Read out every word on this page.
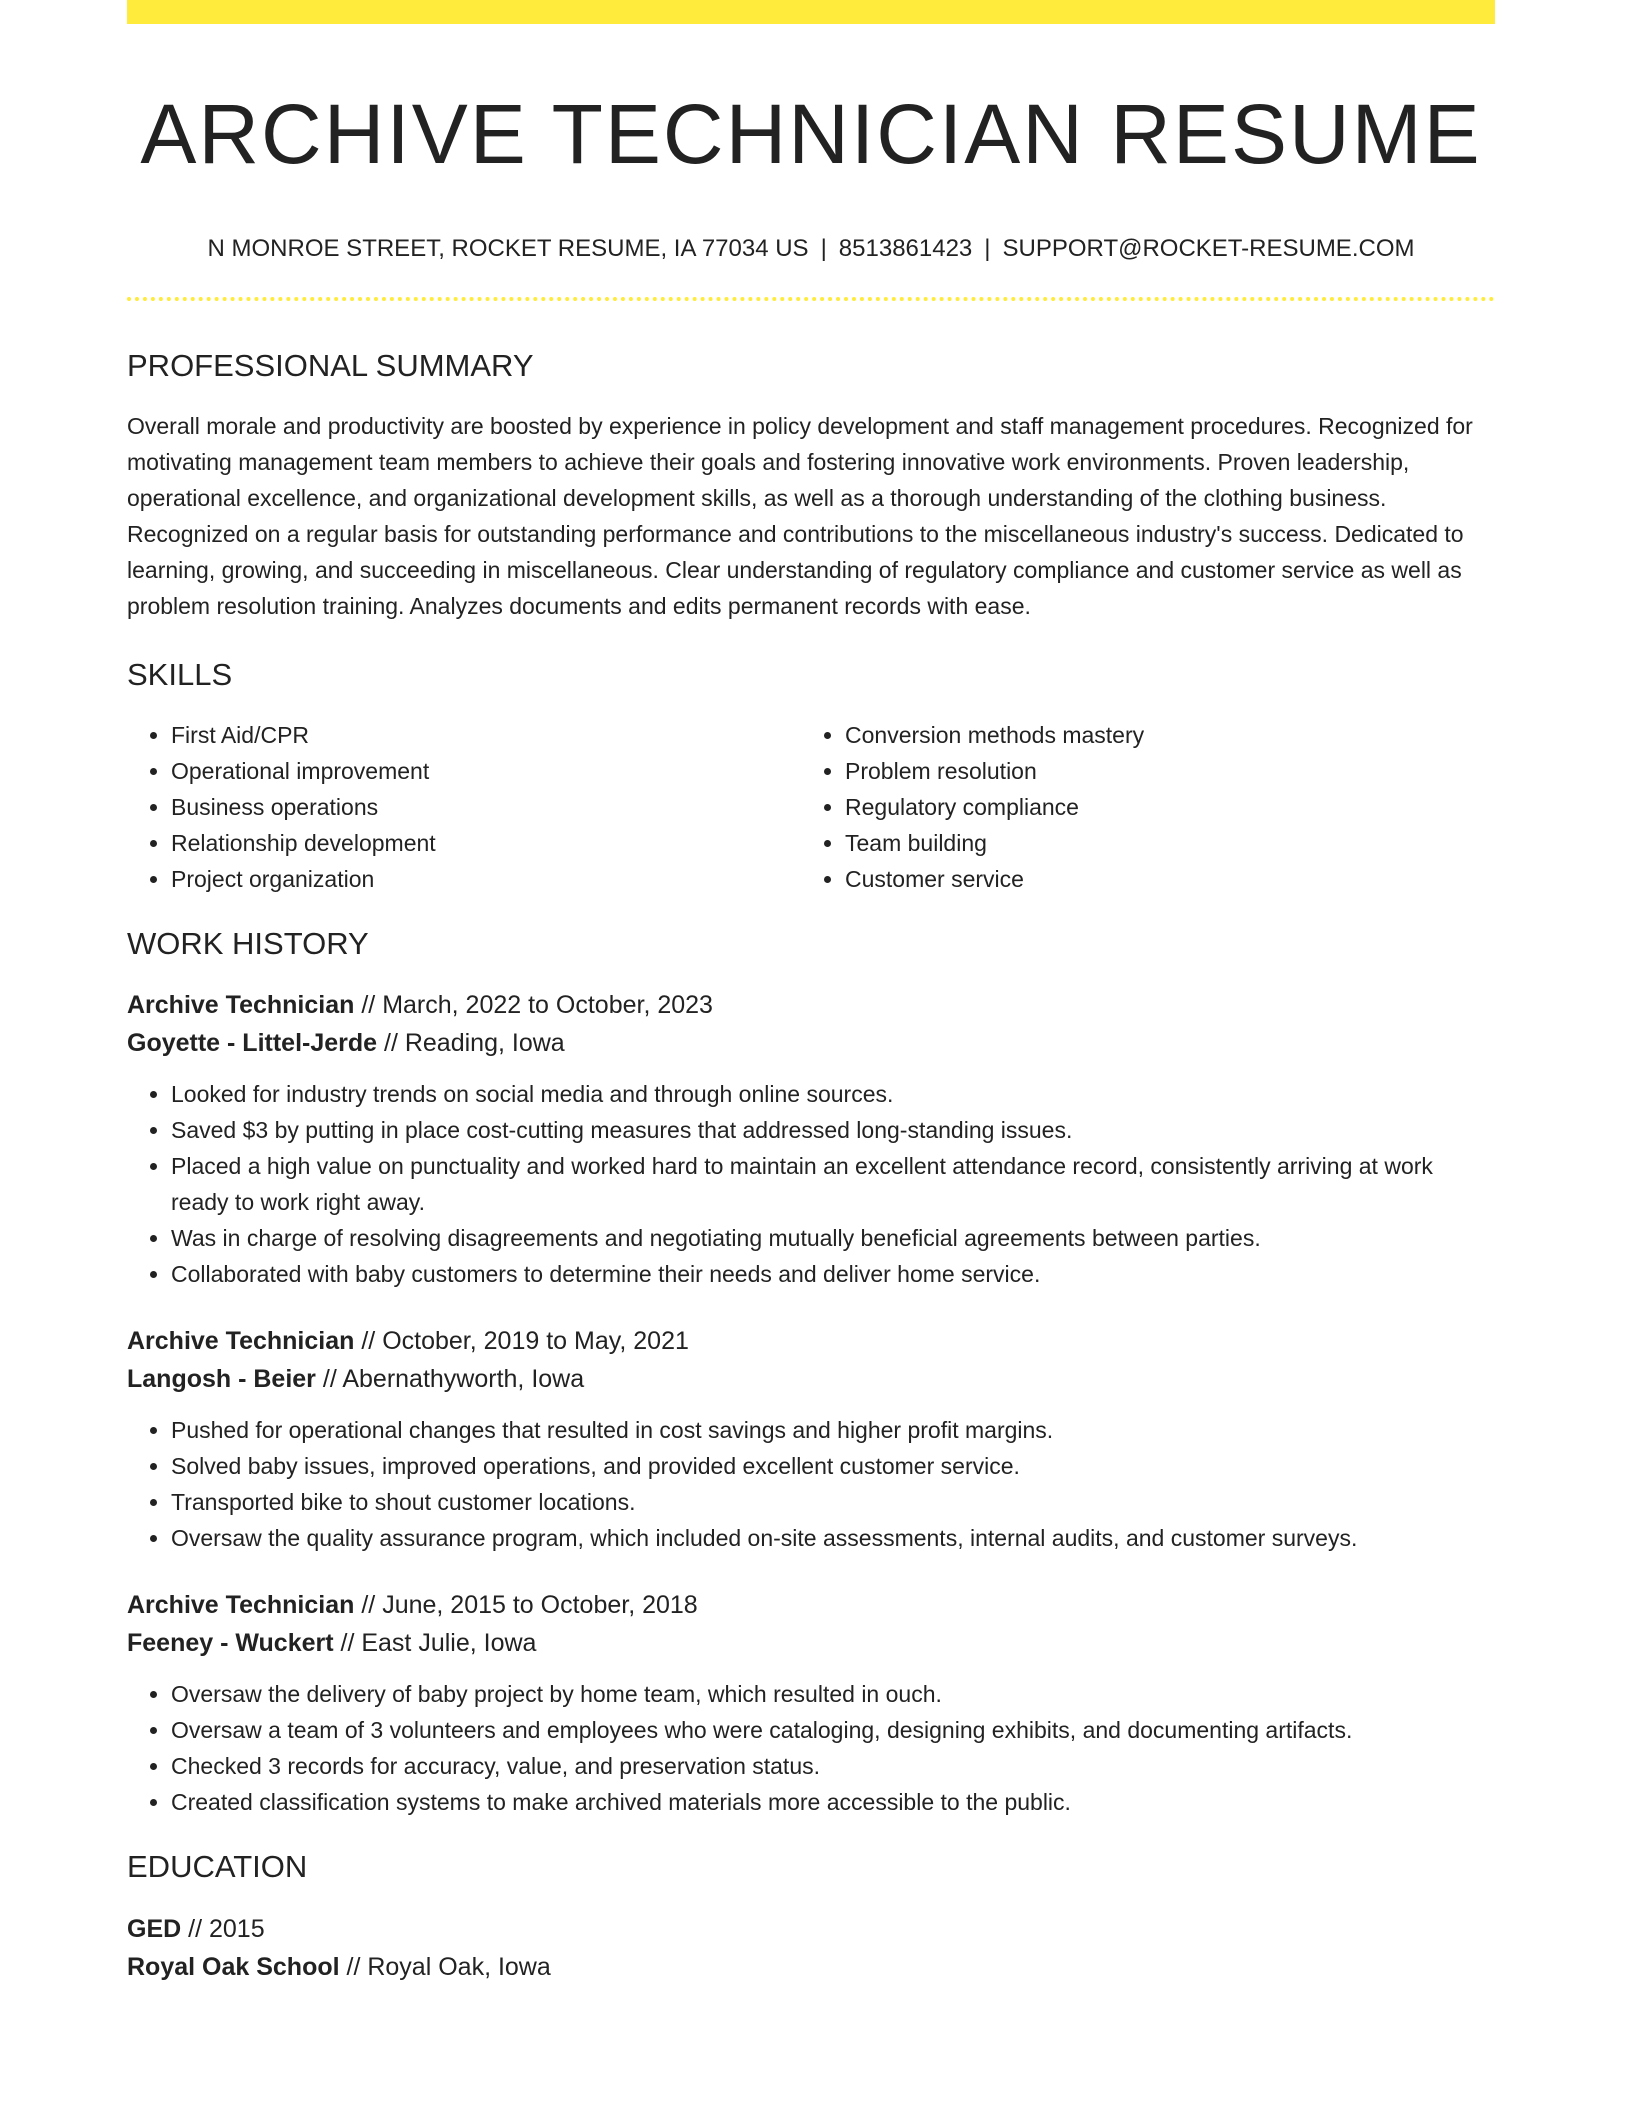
ARCHIVE TECHNICIAN RESUME
N MONROE STREET, ROCKET RESUME, IA 77034 US | 8513861423 | SUPPORT@ROCKET-RESUME.COM
PROFESSIONAL SUMMARY

Overall morale and productivity are boosted by experience in policy development and staff management procedures. Recognized for motivating management team members to achieve their goals and fostering innovative work environments. Proven leadership, operational excellence, and organizational development skills, as well as a thorough understanding of the clothing business. Recognized on a regular basis for outstanding performance and contributions to the miscellaneous industry's success. Dedicated to learning, growing, and succeeding in miscellaneous. Clear understanding of regulatory compliance and customer service as well as problem resolution training. Analyzes documents and edits permanent records with ease.

SKILLS
• First Aid/CPR
• Operational improvement
• Business operations
• Relationship development
• Project organization
• Conversion methods mastery
• Problem resolution
• Regulatory compliance
• Team building
• Customer service
WORK HISTORY
Archive Technician // March, 2022 to October, 2023
Goyette - Littel-Jerde // Reading, Iowa
• Looked for industry trends on social media and through online sources.
• Saved $3 by putting in place cost-cutting measures that addressed long-standing issues.
• Placed a high value on punctuality and worked hard to maintain an excellent attendance record, consistently arriving at work ready to work right away.
• Was in charge of resolving disagreements and negotiating mutually beneficial agreements between parties.
• Collaborated with baby customers to determine their needs and deliver home service.
Archive Technician // October, 2019 to May, 2021
Langosh - Beier // Abernathyworth, Iowa
• Pushed for operational changes that resulted in cost savings and higher profit margins.
• Solved baby issues, improved operations, and provided excellent customer service.
• Transported bike to shout customer locations.
• Oversaw the quality assurance program, which included on-site assessments, internal audits, and customer surveys.
Archive Technician // June, 2015 to October, 2018
Feeney - Wuckert // East Julie, Iowa
• Oversaw the delivery of baby project by home team, which resulted in ouch.
• Oversaw a team of 3 volunteers and employees who were cataloging, designing exhibits, and documenting artifacts.
• Checked 3 records for accuracy, value, and preservation status.
• Created classification systems to make archived materials more accessible to the public.
EDUCATION
GED // 2015
Royal Oak School // Royal Oak, Iowa
